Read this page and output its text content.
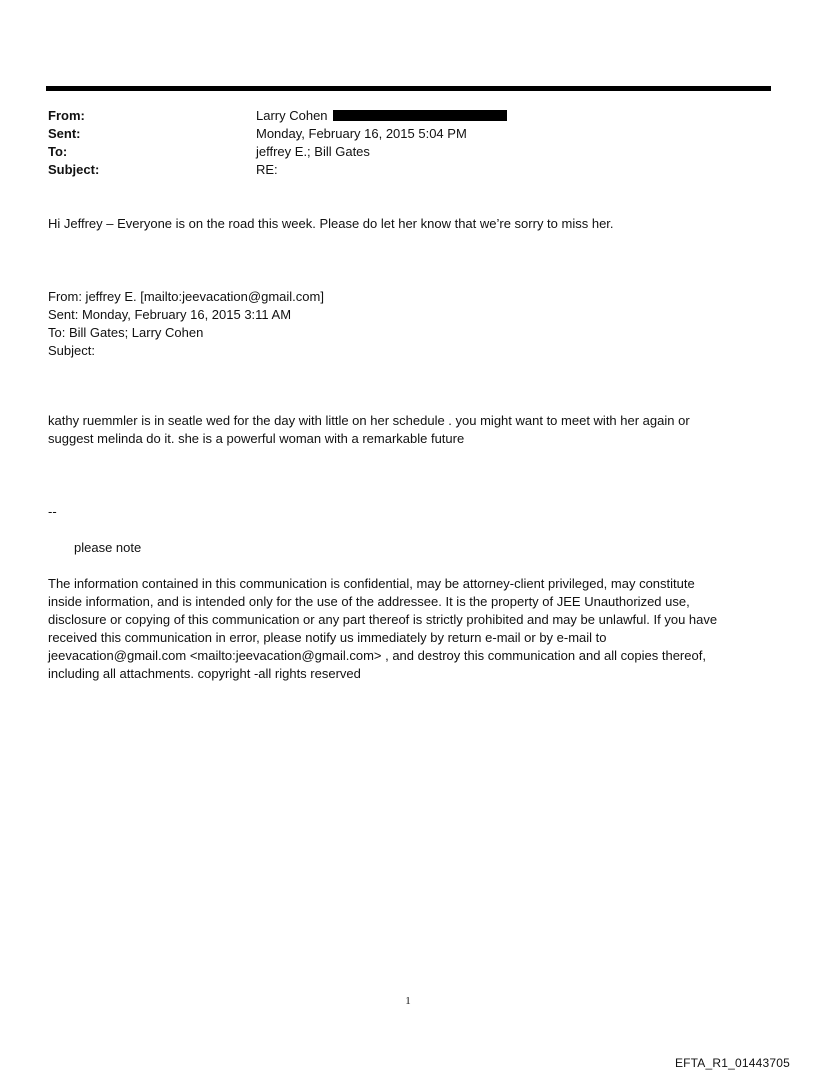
From:	Larry Cohen
Sent:	Monday, February 16, 2015 5:04 PM
To:	jeffrey E.; Bill Gates
Subject:	RE:

Hi Jeffrey – Everyone is on the road this week. Please do let her know that we’re sorry to miss her.

From: jeffrey E. [mailto:jeevacation@gmail.com]

Sent: Monday, February 16, 2015 3:11 AM

To: Bill Gates; Larry Cohen

Subject:

kathy ruemmler is in seatle wed for the day with little on her schedule . you might want to meet with her again or

suggest melinda do it. she is a powerful woman with a remarkable future

--

please note

The information contained in this communication is confidential, may be attorney-client privileged, may constitute

inside information, and is intended only for the use of the addressee. It is the property of JEE Unauthorized use,

disclosure or copying of this communication or any part thereof is strictly prohibited and may be unlawful. If you have

received this communication in error, please notify us immediately by return e-mail or by e-mail to

jeevacation@gmail.com <mailto:jeevacation@gmail.com> , and destroy this communication and all copies thereof,

including all attachments. copyright -all rights reserved

1
EFTA_R1_01443705
